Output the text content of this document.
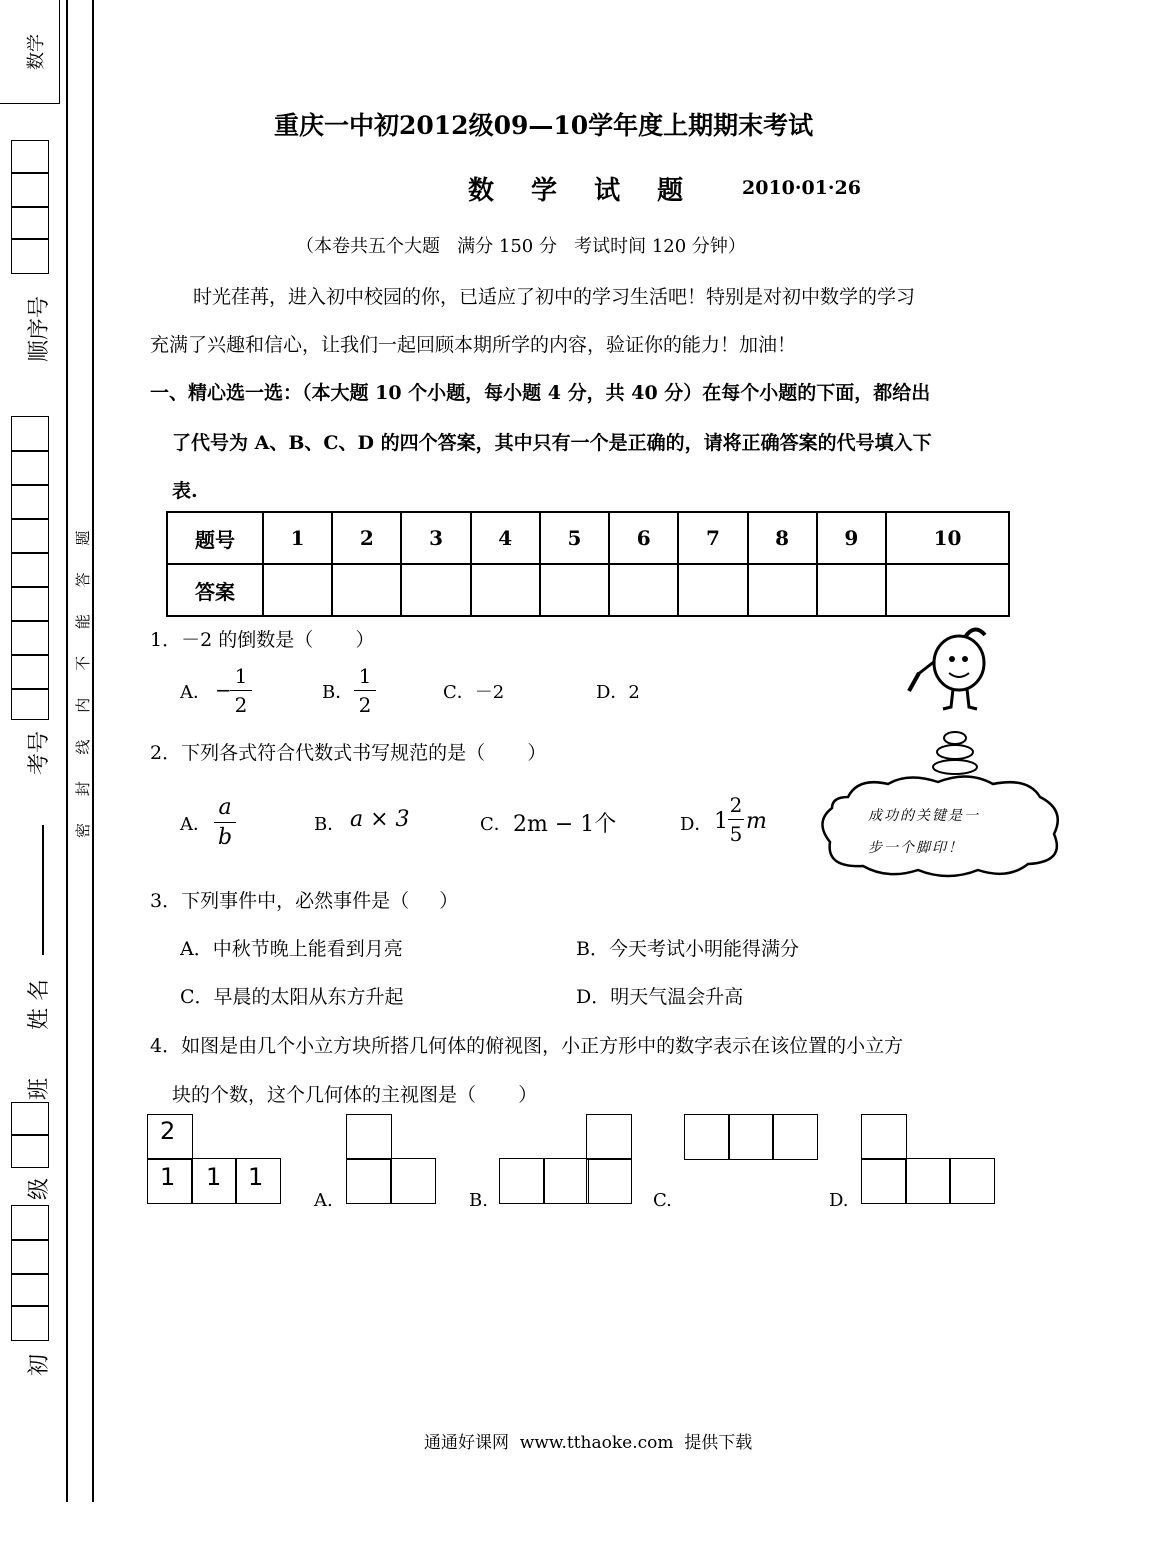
数学
顺序号
考号
姓 名
班
级
初
密 封 线 内 不 能 答 题
重庆一中初2012级09—10学年度上期期末考试
数 学 试 题 2010·01·26
（本卷共五个大题   满分 150 分   考试时间 120 分钟）
时光荏苒，进入初中校园的你，已适应了初中的学习生活吧！特别是对初中数学的学习
充满了兴趣和信心，让我们一起回顾本期所学的内容，验证你的能力！加油！
一、精心选一选：（本大题 10 个小题，每小题 4 分，共 40 分）在每个小题的下面，都给出
了代号为 A、B、C、D 的四个答案，其中只有一个是正确的，请将正确答案的代号填入下
表.
题号	1	2	3	4	5	6	7	8	9	10
答案										
1．－2 的倒数是（       ）
A． −
1
2
B．
1
2
C．－2	D．2
成功的关键是一
步一个脚印！
2．下列各式符合代数式书写规范的是（       ）
A．
a
b
B． a × 3	C． 2m − 1个	D． 1
2
5 m
3．下列事件中，必然事件是（     ）
A．中秋节晚上能看到月亮	B．今天考试小明能得满分
C．早晨的太阳从东方升起	D．明天气温会升高
4．如图是由几个小立方块所搭几何体的俯视图，小正方形中的数字表示在该位置的小立方
块的个数，这个几何体的主视图是（       ）
2
1	1	1
A.	B.	C.	D.
通通好课网  www.tthaoke.com  提供下载
